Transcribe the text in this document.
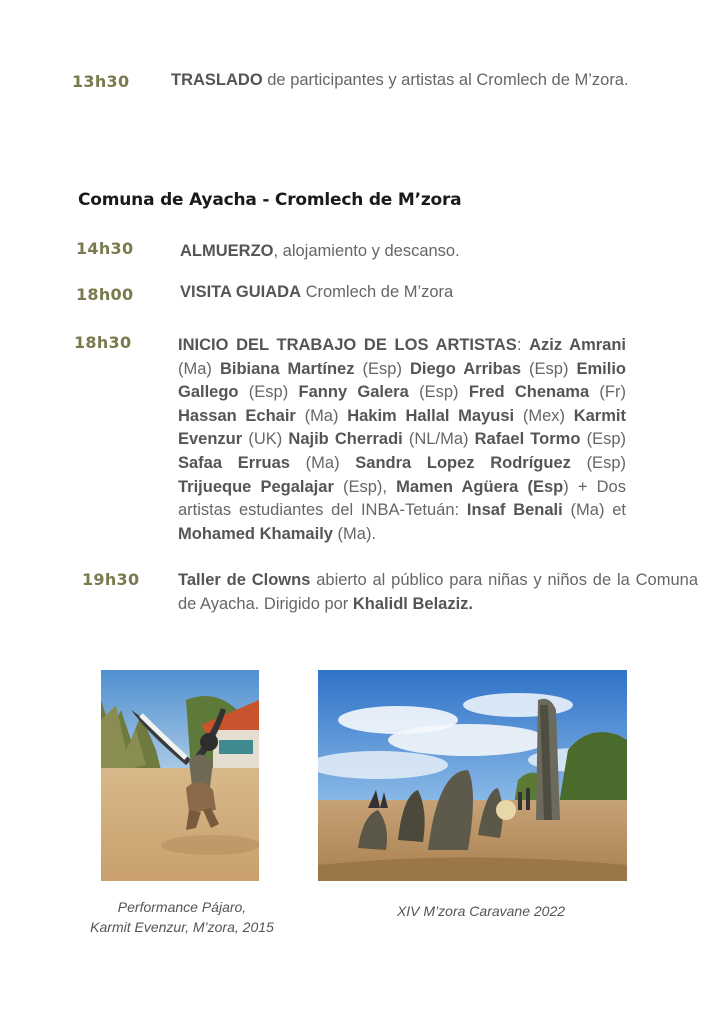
13h30	TRASLADO de participantes y artistas al Cromlech de M’zora.
Comuna de Ayacha - Cromlech de M’zora
14h30	ALMUERZO, alojamiento y descanso.
18h00	VISITA GUIADA Cromlech de M’zora
18h30	INICIO DEL TRABAJO DE LOS ARTISTAS: Aziz Amrani (Ma) Bibiana Martínez (Esp) Diego Arribas (Esp) Emilio Gallego (Esp) Fanny Galera (Esp) Fred Chenama (Fr) Hassan Echair (Ma) Hakim Hallal Mayusi (Mex) Karmit Evenzur (UK) Najib Cherradi (NL/Ma) Rafael Tormo (Esp) Safaa Erruas (Ma) Sandra Lopez Rodríguez (Esp) Trijueque Pegalajar (Esp), Mamen Agüera (Esp) + Dos artistas estudiantes del INBA-Tetuán: Insaf Benali (Ma) et Mohamed Khamaily (Ma).
19h30 Taller de Clowns abierto al público para niñas y niños de la Comuna de Ayacha. Dirigido por Khalidl Belaziz.
Performance Pájaro,
Karmit Evenzur, M’zora, 2015
XIV M’zora Caravane 2022
